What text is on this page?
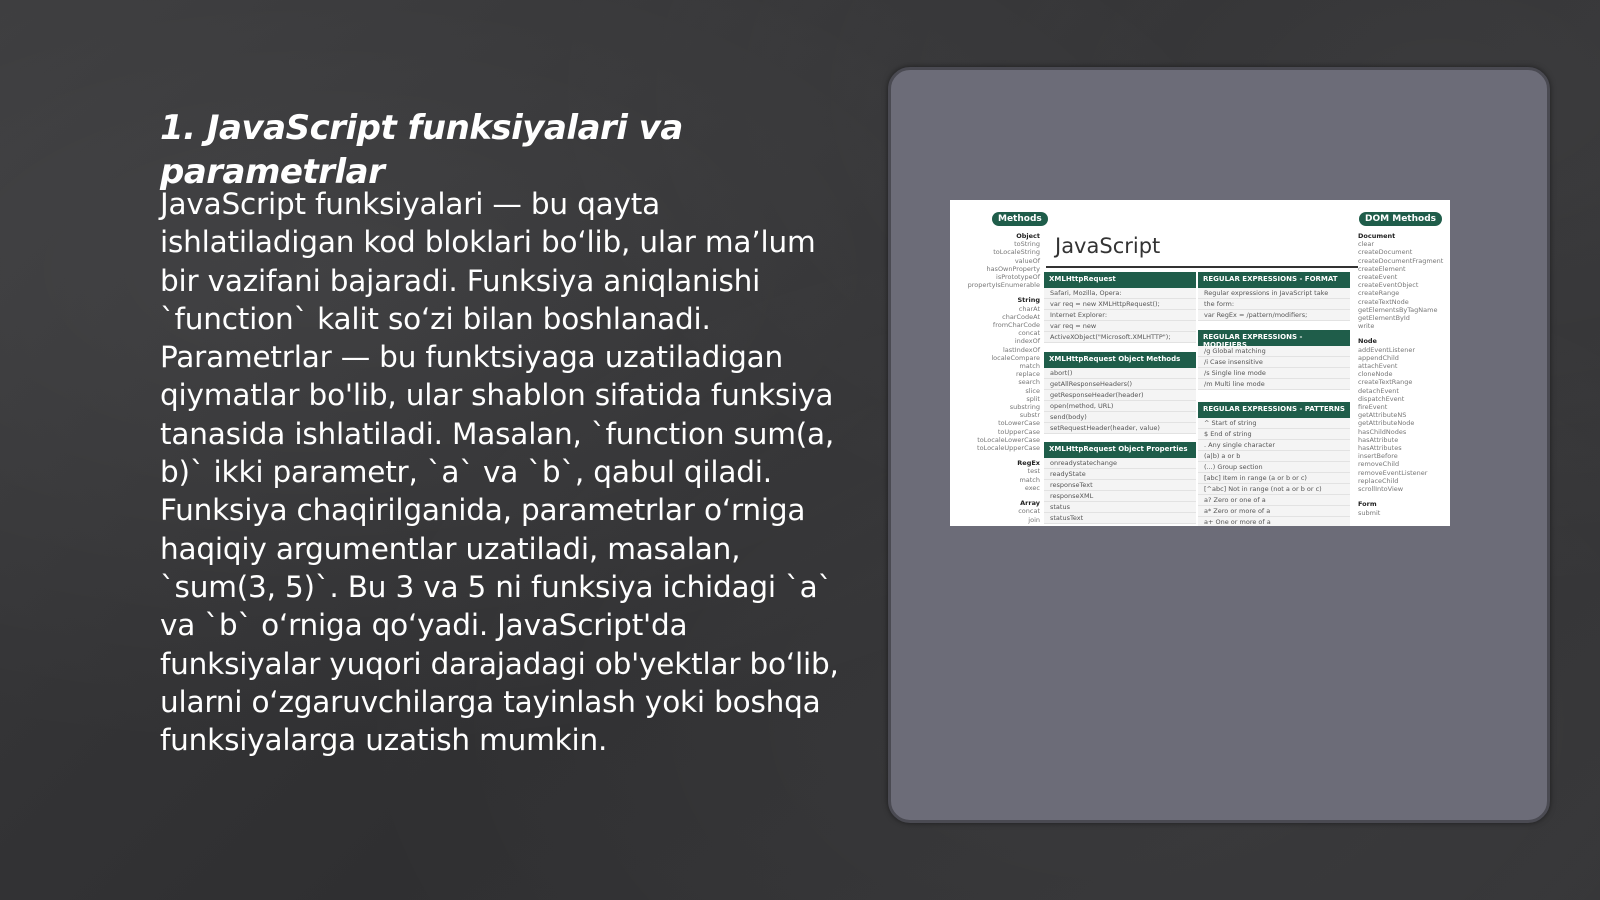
1. JavaScript funksiyalari va parametrlar

JavaScript funksiyalari — bu qayta ishlatiladigan kod bloklari bo‘lib, ular ma’lum bir vazifani bajaradi. Funksiya aniqlanishi `function` kalit so‘zi bilan boshlanadi. Parametrlar — bu funktsiyaga uzatiladigan qiymatlar bo'lib, ular shablon sifatida funksiya tanasida ishlatiladi. Masalan, `function sum(a, b)` ikki parametr, `a` va `b`, qabul qiladi. Funksiya chaqirilganida, parametrlar o‘rniga haqiqiy argumentlar uzatiladi, masalan, `sum(3, 5)`. Bu 3 va 5 ni funksiya ichidagi `a` va `b` o‘rniga qo‘yadi. JavaScript'da funksiyalar yuqori darajadagi ob'yektlar bo‘lib, ularni o‘zgaruvchilarga tayinlash yoki boshqa funksiyalarga uzatish mumkin.

Methods	DOM Methods
JavaScript
Object
toString
toLocaleString
valueOf
hasOwnProperty
isPrototypeOf
propertyIsEnumerable
String
charAt
charCodeAt
fromCharCode
concat
indexOf
lastIndexOf
localeCompare
match
replace
search
slice
split
substring
substr
toLowerCase
toUpperCase
toLocaleLowerCase
toLocaleUpperCase
RegEx
test
match
exec
Array
concat
join
Document
clear
createDocument
createDocumentFragment
createElement
createEvent
createEventObject
createRange
createTextNode
getElementsByTagName
getElementById
write
Node
addEventListener
appendChild
attachEvent
cloneNode
createTextRange
detachEvent
dispatchEvent
fireEvent
getAttributeNS
getAttributeNode
hasChildNodes
hasAttribute
hasAttributes
insertBefore
removeChild
removeEventListener
replaceChild
scrollIntoView
Form
submit
XMLHttpRequest
Safari, Mozilla, Opera:
var req = new XMLHttpRequest();
Internet Explorer:
var req = new
ActiveXObject("Microsoft.XMLHTTP");
XMLHttpRequest Object Methods
abort()
getAllResponseHeaders()
getResponseHeader(header)
open(method, URL)
send(body)
setRequestHeader(header, value)
XMLHttpRequest Object Properties
onreadystatechange
readyState
responseText
responseXML
status
statusText
REGULAR EXPRESSIONS - FORMAT
Regular expressions in JavaScript take
the form:
var RegEx = /pattern/modifiers;
REGULAR EXPRESSIONS - MODIFIERS
/g Global matching
/i Case insensitive
/s Single line mode
/m Multi line mode
REGULAR EXPRESSIONS - PATTERNS
^ Start of string
$ End of string
. Any single character
(a|b) a or b
(...) Group section
[abc] Item in range (a or b or c)
[^abc] Not in range (not a or b or c)
a? Zero or one of a
a* Zero or more of a
a+ One or more of a
